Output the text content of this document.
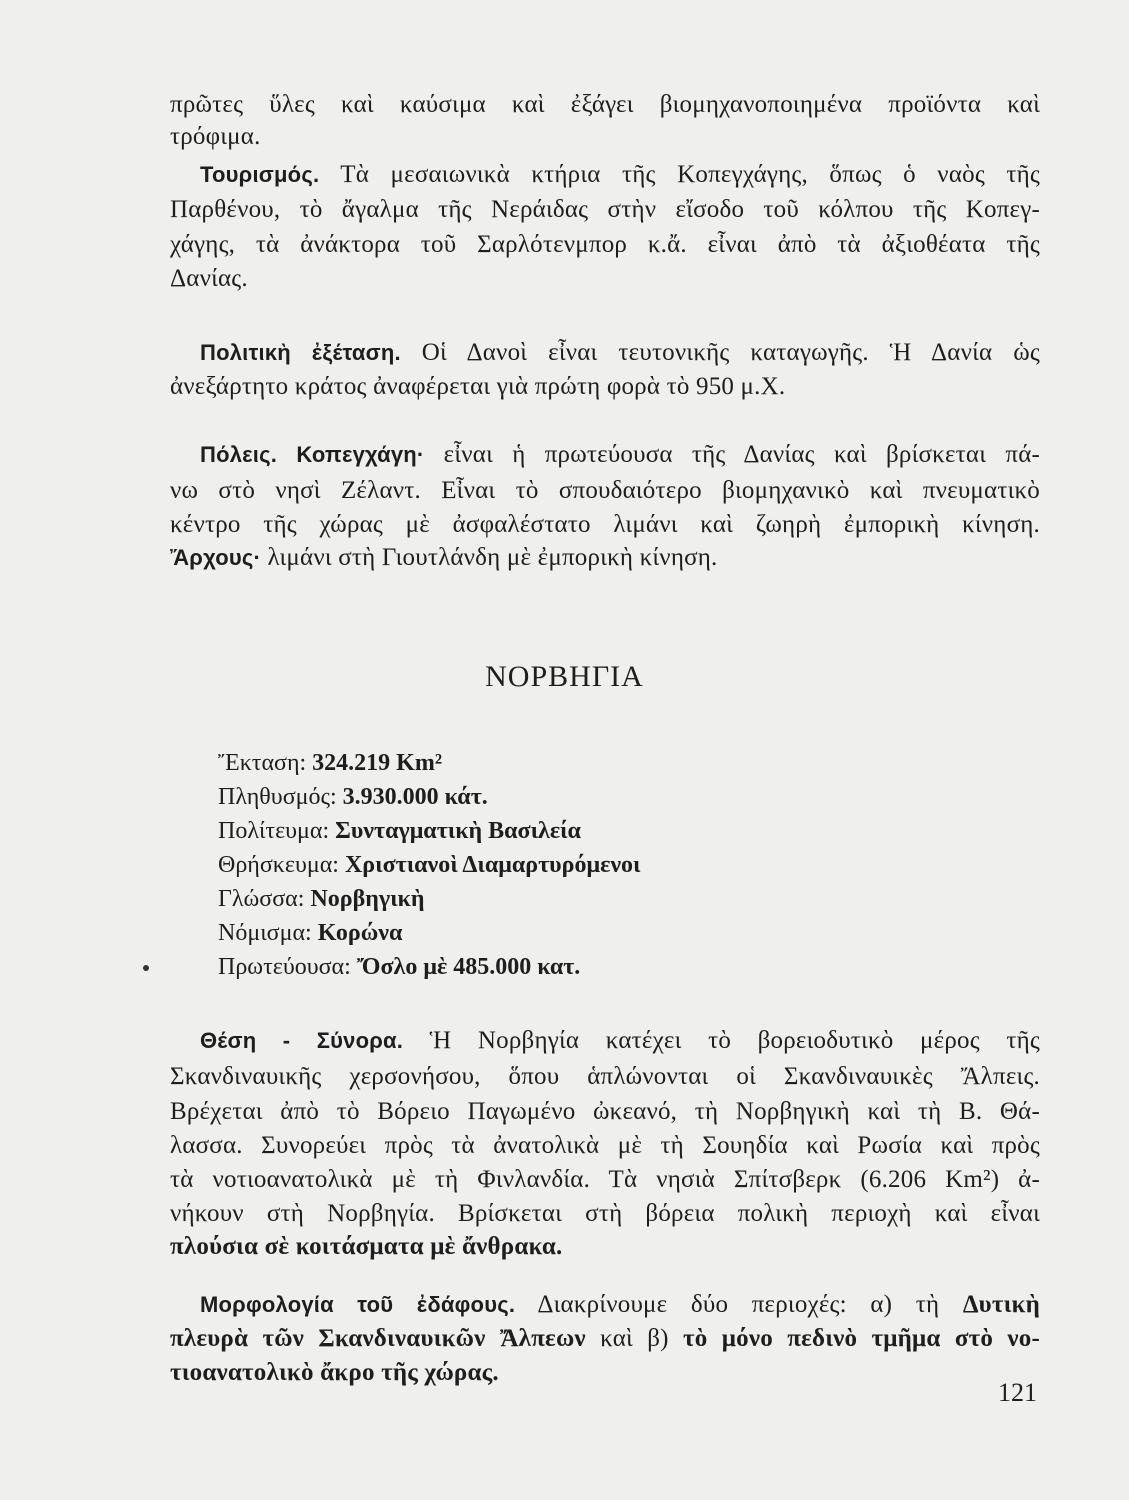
πρῶτες ὕλες καὶ καύσιμα καὶ ἐξάγει βιομηχανοποιημένα προϊόντα καὶ
τρόφιμα.
Τουρισμός. Τὰ μεσαιωνικὰ κτήρια τῆς Κοπεγχάγης, ὅπως ὁ ναὸς τῆς
Παρθένου, τὸ ἄγαλμα τῆς Νεράιδας στὴν εἴσοδο τοῦ κόλπου τῆς Κοπεγ-
χάγης, τὰ ἀνάκτορα τοῦ Σαρλότενμπορ κ.ἄ. εἶναι ἀπὸ τὰ ἀξιοθέατα τῆς
Δανίας.
Πολιτικὴ ἐξέταση. Οἱ Δανοὶ εἶναι τευτονικῆς καταγωγῆς. Ἡ Δανία ὡς
ἀνεξάρτητο κράτος ἀναφέρεται γιὰ πρώτη φορὰ τὸ 950 μ.Χ.
Πόλεις. Κοπεγχάγη· εἶναι ἡ πρωτεύουσα τῆς Δανίας καὶ βρίσκεται πά-
νω στὸ νησὶ Ζέλαντ. Εἶναι τὸ σπουδαιότερο βιομηχανικὸ καὶ πνευματικὸ
κέντρο τῆς χώρας μὲ ἀσφαλέστατο λιμάνι καὶ ζωηρὴ ἐμπορικὴ κίνηση.
Ἄρχους· λιμάνι στὴ Γιουτλάνδη μὲ ἐμπορικὴ κίνηση.
ΝΟΡΒΗΓΙΑ
Ἔκταση: 324.219 Km²
Πληθυσμός: 3.930.000 κάτ.
Πολίτευμα: Συνταγματικὴ Βασιλεία
Θρήσκευμα: Χριστιανοὶ Διαμαρτυρόμενοι
Γλώσσα: Νορβηγικὴ
Νόμισμα: Κορώνα
Πρωτεύουσα: Ὄσλο μὲ 485.000 κατ.
Θέση - Σύνορα. Ἡ Νορβηγία κατέχει τὸ βορειοδυτικὸ μέρος τῆς
Σκανδιναυικῆς χερσονήσου, ὅπου ἁπλώνονται οἱ Σκανδιναυικὲς Ἄλπεις.
Βρέχεται ἀπὸ τὸ Βόρειο Παγωμένο ὠκεανό, τὴ Νορβηγικὴ καὶ τὴ Β. Θά-
λασσα. Συνορεύει πρὸς τὰ ἀνατολικὰ μὲ τὴ Σουηδία καὶ Ρωσία καὶ πρὸς
τὰ νοτιοανατολικὰ μὲ τὴ Φινλανδία. Τὰ νησιὰ Σπίτσβερκ (6.206 Km²) ἀ-
νήκουν στὴ Νορβηγία. Βρίσκεται στὴ βόρεια πολικὴ περιοχὴ καὶ εἶναι
πλούσια σὲ κοιτάσματα μὲ ἄνθρακα.
Μορφολογία τοῦ ἐδάφους. Διακρίνουμε δύο περιοχές: α) τὴ Δυτικὴ
πλευρὰ τῶν Σκανδιναυικῶν Ἄλπεων καὶ β) τὸ μόνο πεδινὸ τμῆμα στὸ νο-
τιοανατολικὸ ἄκρο τῆς χώρας.
121
